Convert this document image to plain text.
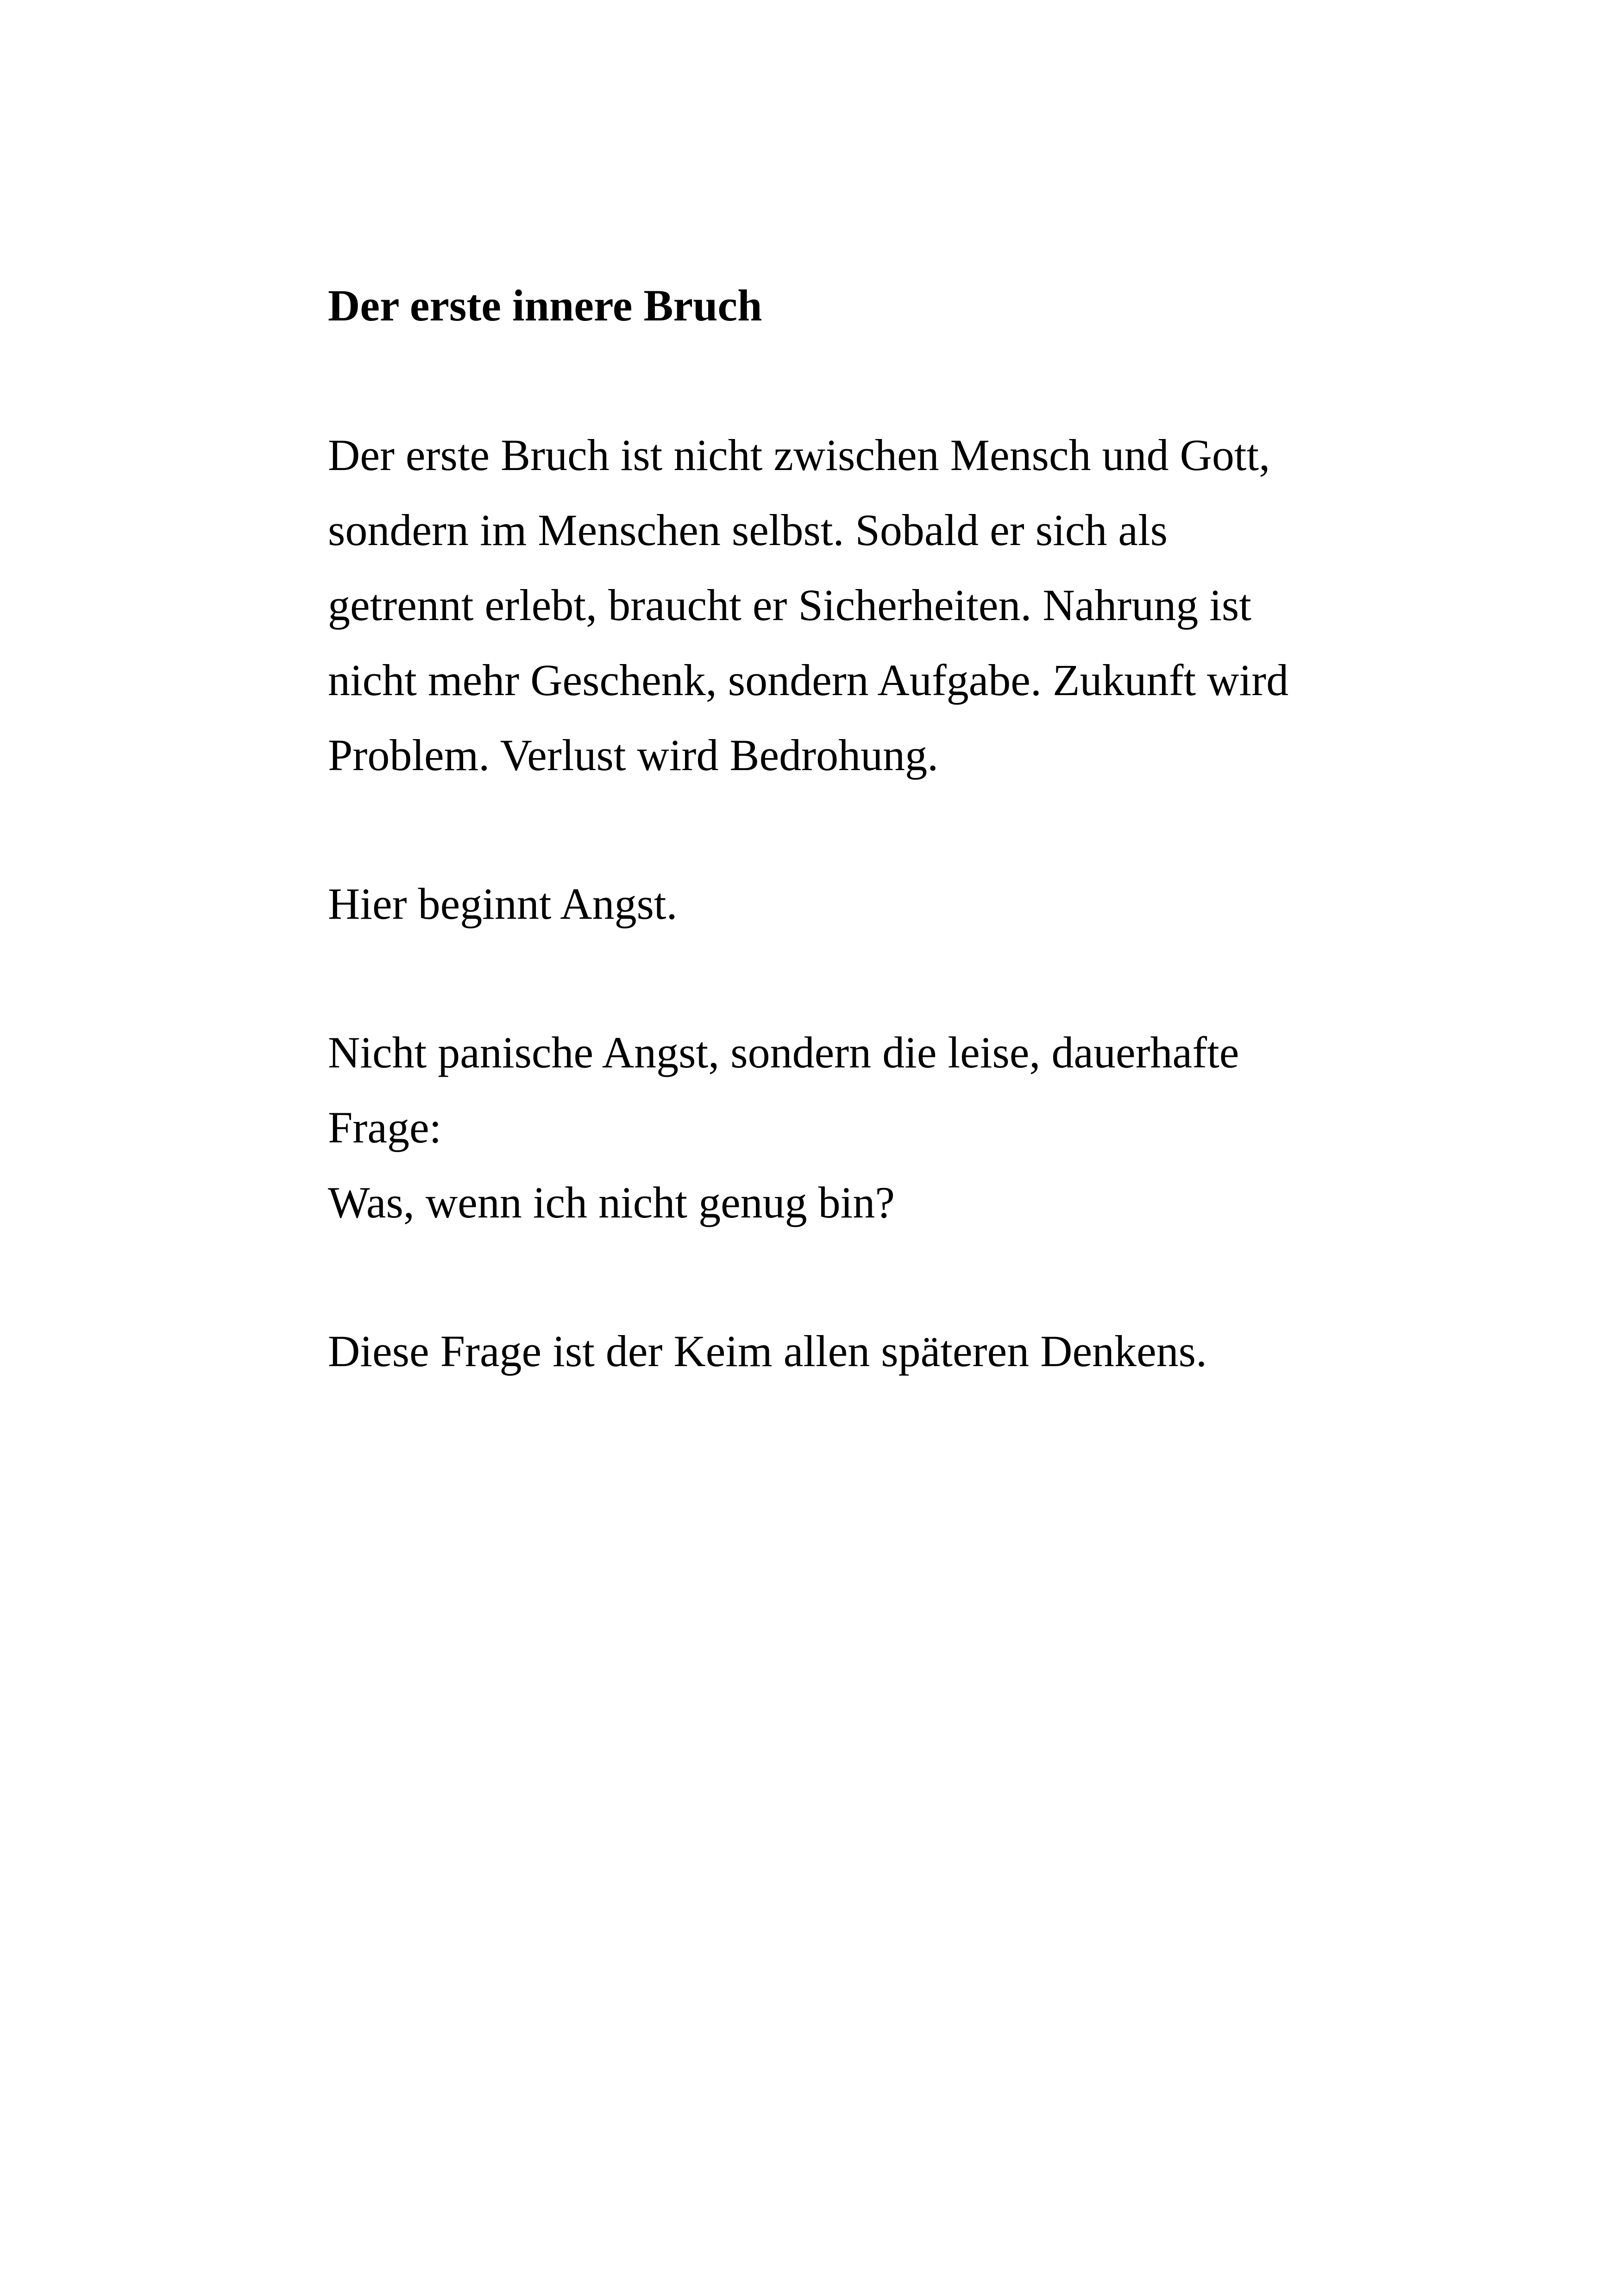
Der erste innere Bruch

Der erste Bruch ist nicht zwischen Mensch und Gott,
sondern im Menschen selbst. Sobald er sich als
getrennt erlebt, braucht er Sicherheiten. Nahrung ist
nicht mehr Geschenk, sondern Aufgabe. Zukunft wird
Problem. Verlust wird Bedrohung.

Hier beginnt Angst.

Nicht panische Angst, sondern die leise, dauerhafte
Frage:
Was, wenn ich nicht genug bin?

Diese Frage ist der Keim allen späteren Denkens.
